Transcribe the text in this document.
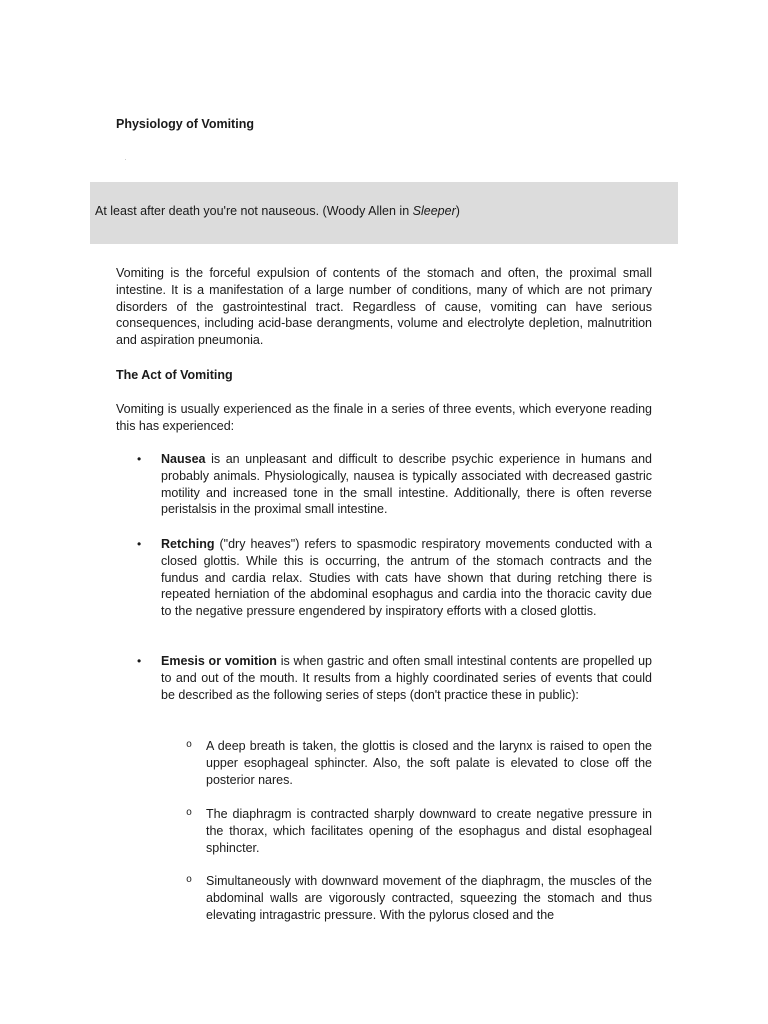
Physiology of Vomiting

At least after death you're not nauseous. (Woody Allen in Sleeper)

Vomiting is the forceful expulsion of contents of the stomach and often, the proximal small intestine. It is a manifestation of a large number of conditions, many of which are not primary disorders of the gastrointestinal tract. Regardless of cause, vomiting can have serious consequences, including acid-base derangments, volume and electrolyte depletion, malnutrition and aspiration pneumonia.

The Act of Vomiting

Vomiting is usually experienced as the finale in a series of three events, which everyone reading this has experienced:

• Nausea is an unpleasant and difficult to describe psychic experience in humans and probably animals. Physiologically, nausea is typically associated with decreased gastric motility and increased tone in the small intestine. Additionally, there is often reverse peristalsis in the proximal small intestine.
• Retching ("dry heaves") refers to spasmodic respiratory movements conducted with a closed glottis. While this is occurring, the antrum of the stomach contracts and the fundus and cardia relax. Studies with cats have shown that during retching there is repeated herniation of the abdominal esophagus and cardia into the thoracic cavity due to the negative pressure engendered by inspiratory efforts with a closed glottis.
• Emesis or vomition is when gastric and often small intestinal contents are propelled up to and out of the mouth. It results from a highly coordinated series of events that could be described as the following series of steps (don't practice these in public):
o A deep breath is taken, the glottis is closed and the larynx is raised to open the upper esophageal sphincter. Also, the soft palate is elevated to close off the posterior nares.
o The diaphragm is contracted sharply downward to create negative pressure in the thorax, which facilitates opening of the esophagus and distal esophageal sphincter.
o Simultaneously with downward movement of the diaphragm, the muscles of the abdominal walls are vigorously contracted, squeezing the stomach and thus elevating intragastric pressure. With the pylorus closed and the
